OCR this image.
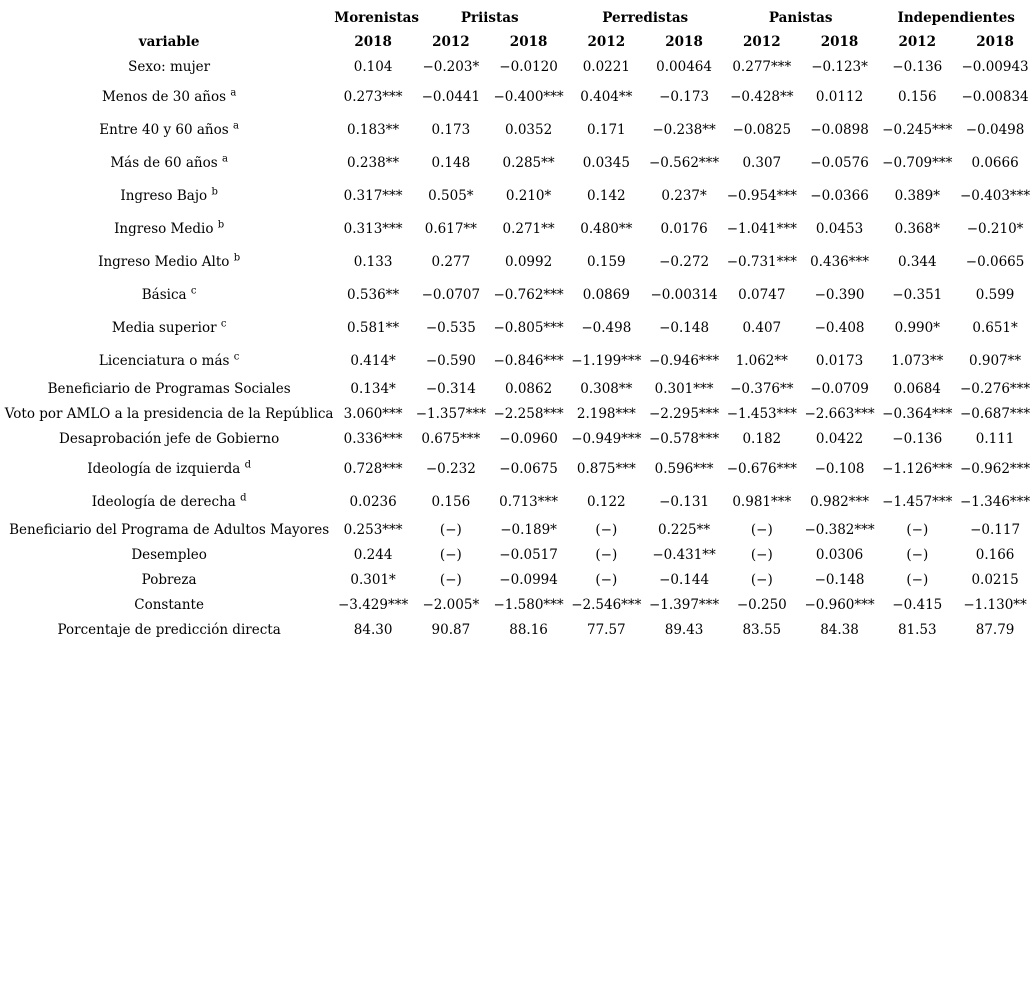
	Morenistas	Priistas		Perredistas		Panistas		Independientes	
variable	2018	2012	2018	2012	2018	2012	2018	2012	2018
Sexo: mujer	0.104	−0.203*	−0.0120	0.0221	0.00464	0.277***	−0.123*	−0.136	−0.00943
Menos de 30 años $^a$	0.273***	−0.0441	−0.400***	0.404**	−0.173	−0.428**	0.0112	0.156	−0.00834
Entre 40 y 60 años $^a$	0.183**	0.173	0.0352	0.171	−0.238**	−0.0825	−0.0898	−0.245***	−0.0498
Más de 60 años $^a$	0.238**	0.148	0.285**	0.0345	−0.562***	0.307	−0.0576	−0.709***	0.0666
Ingreso Bajo $^b$	0.317***	0.505*	0.210*	0.142	0.237*	−0.954***	−0.0366	0.389*	−0.403***
Ingreso Medio $^b$	0.313***	0.617**	0.271**	0.480**	0.0176	−1.041***	0.0453	0.368*	−0.210*
Ingreso Medio Alto $^b$	0.133	0.277	0.0992	0.159	−0.272	−0.731***	0.436***	0.344	−0.0665
Básica $^c$	0.536**	−0.0707	−0.762***	0.0869	−0.00314	0.0747	−0.390	−0.351	0.599
Media superior $^c$	0.581**	−0.535	−0.805***	−0.498	−0.148	0.407	−0.408	0.990*	0.651*
Licenciatura o más $^c$	0.414*	−0.590	−0.846***	−1.199***	−0.946***	1.062**	0.0173	1.073**	0.907**
Beneficiario de Programas Sociales	0.134*	−0.314	0.0862	0.308**	0.301***	−0.376**	−0.0709	0.0684	−0.276***
Voto por AMLO a la presidencia de la República	3.060***	−1.357***	−2.258***	2.198***	−2.295***	−1.453***	−2.663***	−0.364***	−0.687***
Desaprobación jefe de Gobierno	0.336***	0.675***	−0.0960	−0.949***	−0.578***	0.182	0.0422	−0.136	0.111
Ideología de izquierda $^d$	0.728***	−0.232	−0.0675	0.875***	0.596***	−0.676***	−0.108	−1.126***	−0.962***
Ideología de derecha $^d$	0.0236	0.156	0.713***	0.122	−0.131	0.981***	0.982***	−1.457***	−1.346***
Beneficiario del Programa de Adultos Mayores	0.253***	(−)	−0.189*	(−)	0.225**	(−)	−0.382***	(−)	−0.117
Desempleo	0.244	(−)	−0.0517	(−)	−0.431**	(−)	0.0306	(−)	0.166
Pobreza	0.301*	(−)	−0.0994	(−)	−0.144	(−)	−0.148	(−)	0.0215
Constante	−3.429***	−2.005*	−1.580***	−2.546***	−1.397***	−0.250	−0.960***	−0.415	−1.130**
Porcentaje de predicción directa	84.30	90.87	88.16	77.57	89.43	83.55	84.38	81.53	87.79
